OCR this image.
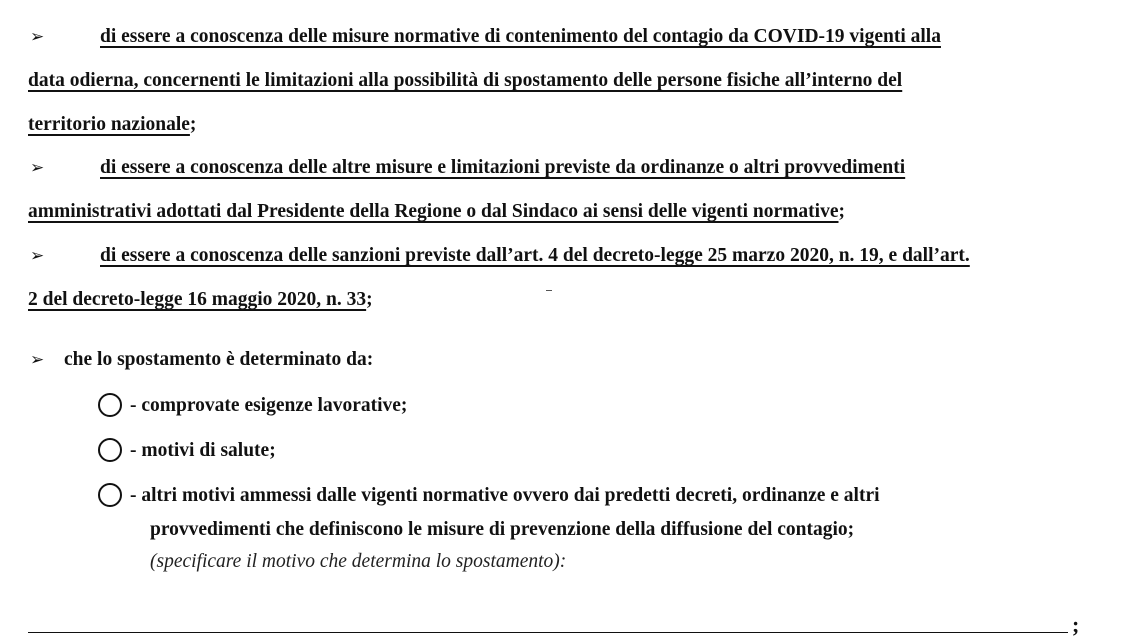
➢	di essere a conoscenza delle misure normative di contenimento del contagio da COVID-19 vigenti alla
data odierna, concernenti le limitazioni alla possibilità di spostamento delle persone fisiche all’interno del
territorio nazionale;
➢	di essere a conoscenza delle altre misure e limitazioni previste da ordinanze o altri provvedimenti
amministrativi adottati dal Presidente della Regione o dal Sindaco ai sensi delle vigenti normative;
➢	di essere a conoscenza delle sanzioni previste dall’art. 4 del decreto-legge 25 marzo 2020, n. 19, e dall’art.
2 del decreto-legge 16 maggio 2020, n. 33;
➢ che lo spostamento è determinato da:
- comprovate esigenze lavorative;
- motivi di salute;
- altri motivi ammessi dalle vigenti normative ovvero dai predetti decreti, ordinanze e altri
provvedimenti che definiscono le misure di prevenzione della diffusione del contagio;
(specificare il motivo che determina lo spostamento):
;
